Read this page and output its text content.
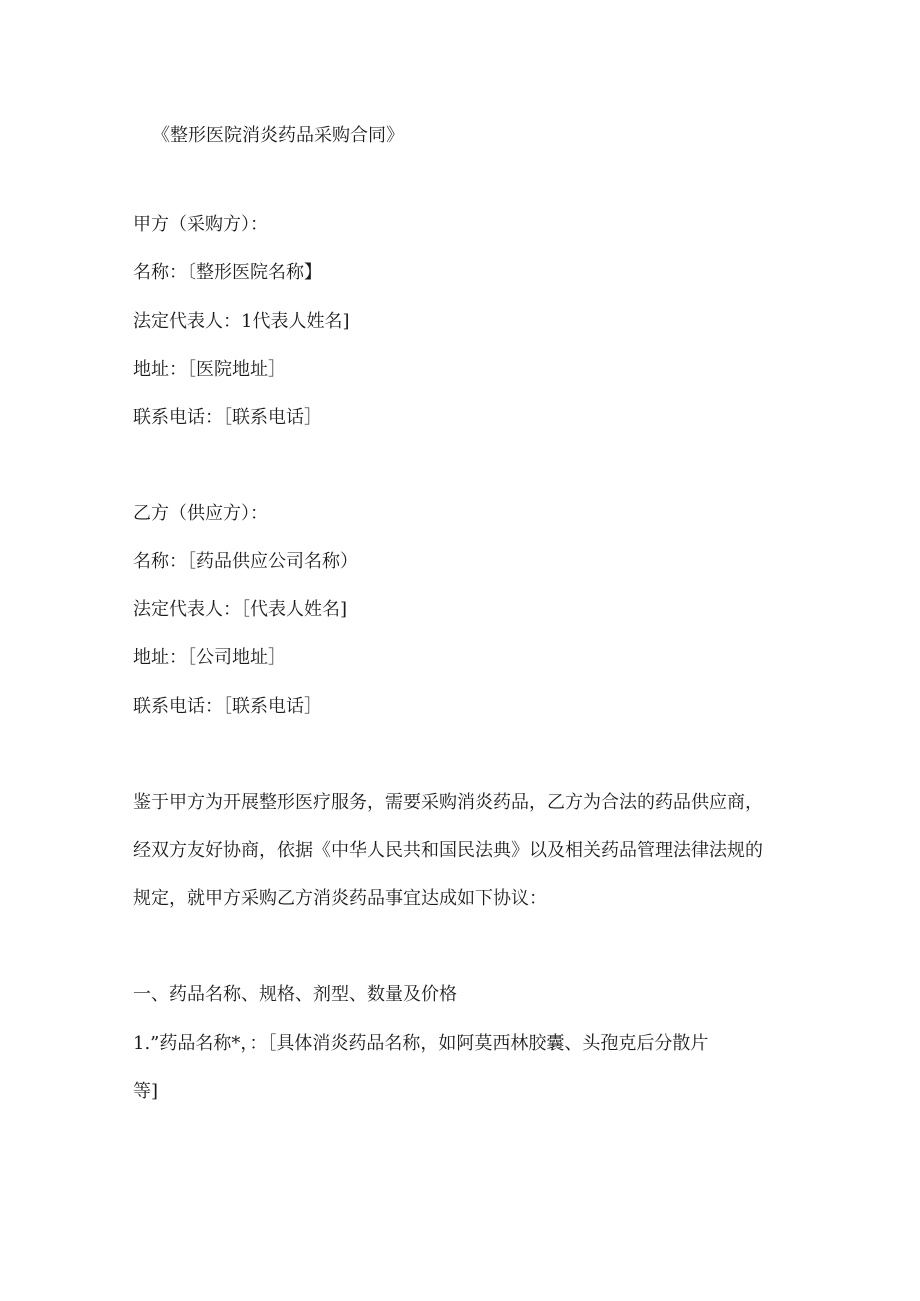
《整形医院消炎药品采购合同》
甲方（采购方）：
名称：〔整形医院名称】
法定代表人：1代表人姓名]
地址：［医院地址］
联系电话：［联系电话］
乙方（供应方）：
名称：［药品供应公司名称）
法定代表人：［代表人姓名]
地址：［公司地址］
联系电话：［联系电话］
鉴于甲方为开展整形医疗服务，需要采购消炎药品，乙方为合法的药品供应商，
经双方友好协商，依据《中华人民共和国民法典》以及相关药品管理法律法规的
规定，就甲方采购乙方消炎药品事宜达成如下协议：
一、药品名称、规格、剂型、数量及价格
1.”药品名称*，：［具体消炎药品名称，如阿莫西林胶囊、头孢克后分散片
等]
